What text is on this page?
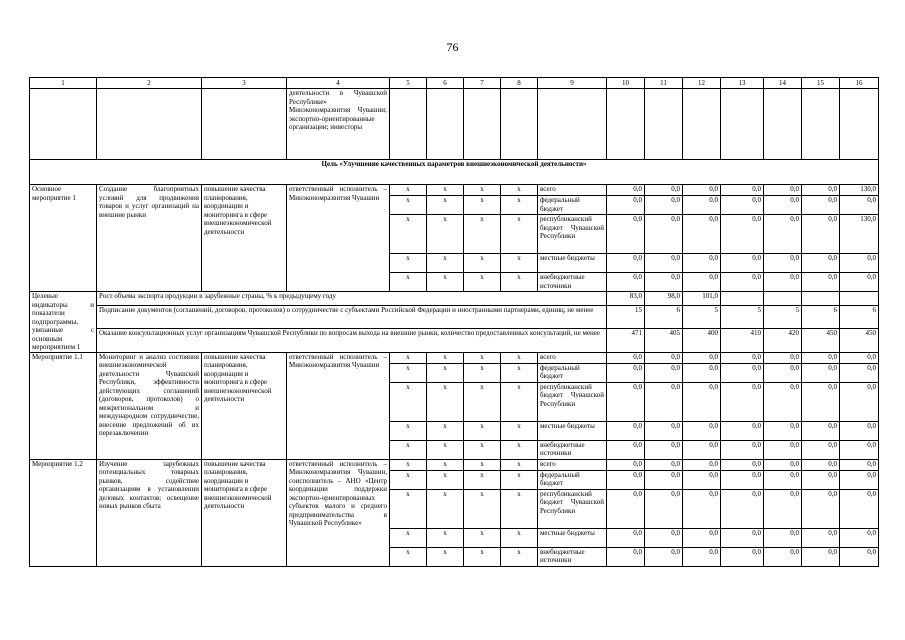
76
1	2	3	4	5	6	7	8	9	10	11	12	13	14	15	16
			деятельности в Чувашской Республике» Минэкономразвития Чувашии; экспортно-ориентированные организации; инвесторы												
Цель «Улучшение качественных параметров внешнеэкономической деятельности»															
Основное мероприятие 1	Создание благоприятных условий для продвижения товаров и услуг организаций на внешние рынки	повышение качества планирования, координации и мониторинга в сфере внешнеэкономической деятельности	ответственный исполнитель – Минэкономразвития Чувашии	x	x	x	x	всего	0,0	0,0	0,0	0,0	0,0	0,0	130,0
				x	x	x	x	федеральный бюджет	0,0	0,0	0,0	0,0	0,0	0,0	0,0
				x	x	x	x	республиканский бюджет Чувашской Республики	0,0	0,0	0,0	0,0	0,0	0,0	130,0
				x	x	x	x	местные бюджеты	0,0	0,0	0,0	0,0	0,0	0,0	0,0
				x	x	x	x	внебюджетные источники	0,0	0,0	0,0	0,0	0,0	0,0	0,0
Целевые индикаторы и показатели подпрограммы, увязанные с основным мероприятием 1	Рост объема экспорта продукции в зарубежные страны, % к предыдущему году								83,0	98,0	101,0				
	Подписание документов (соглашений, договоров, протоколов) о сотрудничестве с субъектами Российской Федерации и иностранными партнерами, единиц, не менее								15	6	5	5	5	6	6
	Оказание консультационных услуг организациям Чувашской Республики по вопросам выхода на внешние рынки, количество предоставленных консультаций, не менее								471	405	400	410	420	450	450
Мероприятие 1.1	Мониторинг и анализ состояния внешнеэкономической деятельности Чувашской Республики, эффективности действующих соглашений (договоров, протоколов) о межрегиональном и международном сотрудничестве, внесение предложений об их перезаключении	повышение качества планирования, координации и мониторинга в сфере внешнеэкономической деятельности	ответственный исполнитель – Минэкономразвития Чувашии	x	x	x	x	всего	0,0	0,0	0,0	0,0	0,0	0,0	0,0
				x	x	x	x	федеральный бюджет	0,0	0,0	0,0	0,0	0,0	0,0	0,0
				x	x	x	x	республиканский бюджет Чувашской Республики	0,0	0,0	0,0	0,0	0,0	0,0	0,0
				x	x	x	x	местные бюджеты	0,0	0,0	0,0	0,0	0,0	0,0	0,0
				x	x	x	x	внебюджетные источники	0,0	0,0	0,0	0,0	0,0	0,0	0,0
Мероприятие 1.2	Изучение зарубежных потенциальных товарных рынков, содействие организациям в установлении деловых контактов; освещение новых рынков сбыта	повышение качества планирования, координации и мониторинга в сфере внешнеэкономической деятельности	ответственный исполнитель – Минэкономразвития Чувашии, соисполнитель – АНО «Центр координации поддержки экспортно-ориентированных субъектов малого и среднего предпринимательства в Чувашской Республике»	x	x	x	x	всего	0,0	0,0	0,0	0,0	0,0	0,0	0,0
				x	x	x	x	федеральный бюджет	0,0	0,0	0,0	0,0	0,0	0,0	0,0
				x	x	x	x	республиканский бюджет Чувашской Республики	0,0	0,0	0,0	0,0	0,0	0,0	0,0
				x	x	x	x	местные бюджеты	0,0	0,0	0,0	0,0	0,0	0,0	0,0
				x	x	x	x	внебюджетные источники	0,0	0,0	0,0	0,0	0,0	0,0	0,0
